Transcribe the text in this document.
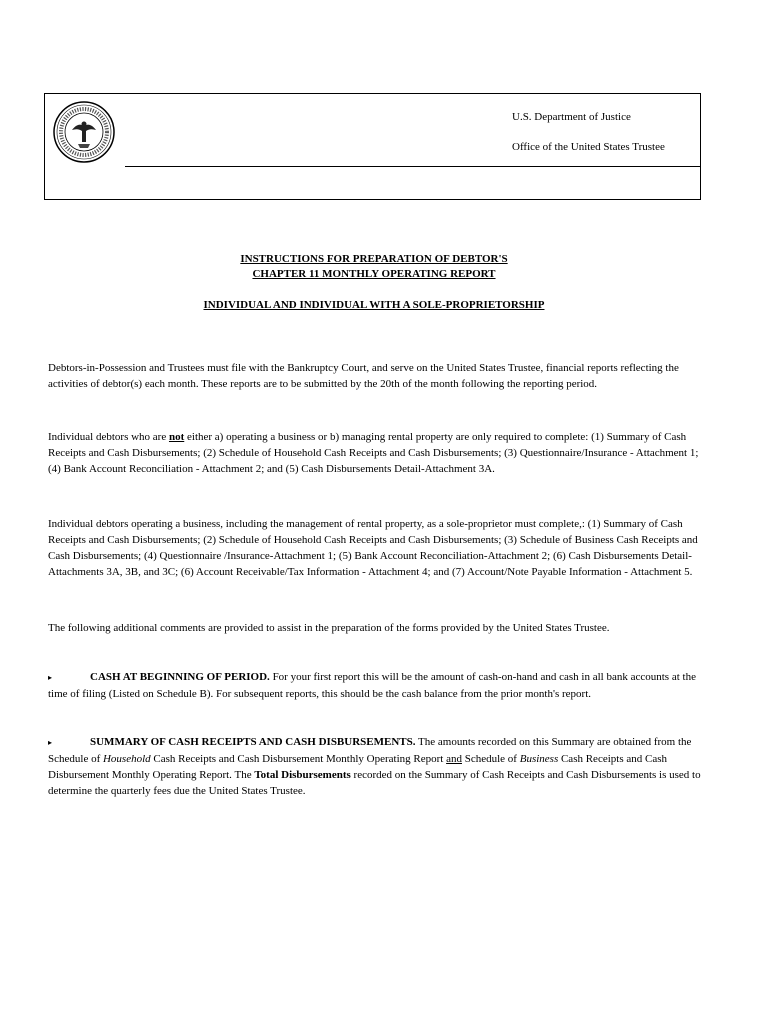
U.S. Department of Justice
Office of the United States Trustee
INSTRUCTIONS FOR PREPARATION OF DEBTOR'S
CHAPTER 11 MONTHLY OPERATING REPORT
INDIVIDUAL AND INDIVIDUAL WITH A SOLE-PROPRIETORSHIP

Debtors-in-Possession and Trustees must file with the Bankruptcy Court, and serve on the United States Trustee, financial reports reflecting the activities of debtor(s) each month. These reports are to be submitted by the 20th of the month following the reporting period.

Individual debtors who are not either a) operating a business or b) managing rental property are only required to complete: (1) Summary of Cash Receipts and Cash Disbursements; (2) Schedule of Household Cash Receipts and Cash Disbursements; (3) Questionnaire/Insurance - Attachment 1; (4) Bank Account Reconciliation - Attachment 2; and (5) Cash Disbursements Detail-Attachment 3A.

Individual debtors operating a business, including the management of rental property, as a sole-proprietor must complete,: (1) Summary of Cash Receipts and Cash Disbursements; (2) Schedule of Household Cash Receipts and Cash Disbursements; (3) Schedule of Business Cash Receipts and Cash Disbursements; (4) Questionnaire /Insurance-Attachment 1; (5) Bank Account Reconciliation-Attachment 2; (6) Cash Disbursements Detail-Attachments 3A, 3B, and 3C; (6) Account Receivable/Tax Information - Attachment 4; and (7) Account/Note Payable Information - Attachment 5.

The following additional comments are provided to assist in the preparation of the forms provided by the United States Trustee.

▸	CASH AT BEGINNING OF PERIOD. For your first report this will be the amount of cash-on-hand and cash in all bank accounts at the time of filing (Listed on Schedule B). For subsequent reports, this should be the cash balance from the prior month's report.

▸	SUMMARY OF CASH RECEIPTS AND CASH DISBURSEMENTS. The amounts recorded on this Summary are obtained from the Schedule of Household Cash Receipts and Cash Disbursement Monthly Operating Report and Schedule of Business Cash Receipts and Cash Disbursement Monthly Operating Report. The Total Disbursements recorded on the Summary of Cash Receipts and Cash Disbursements is used to determine the quarterly fees due the United States Trustee.
